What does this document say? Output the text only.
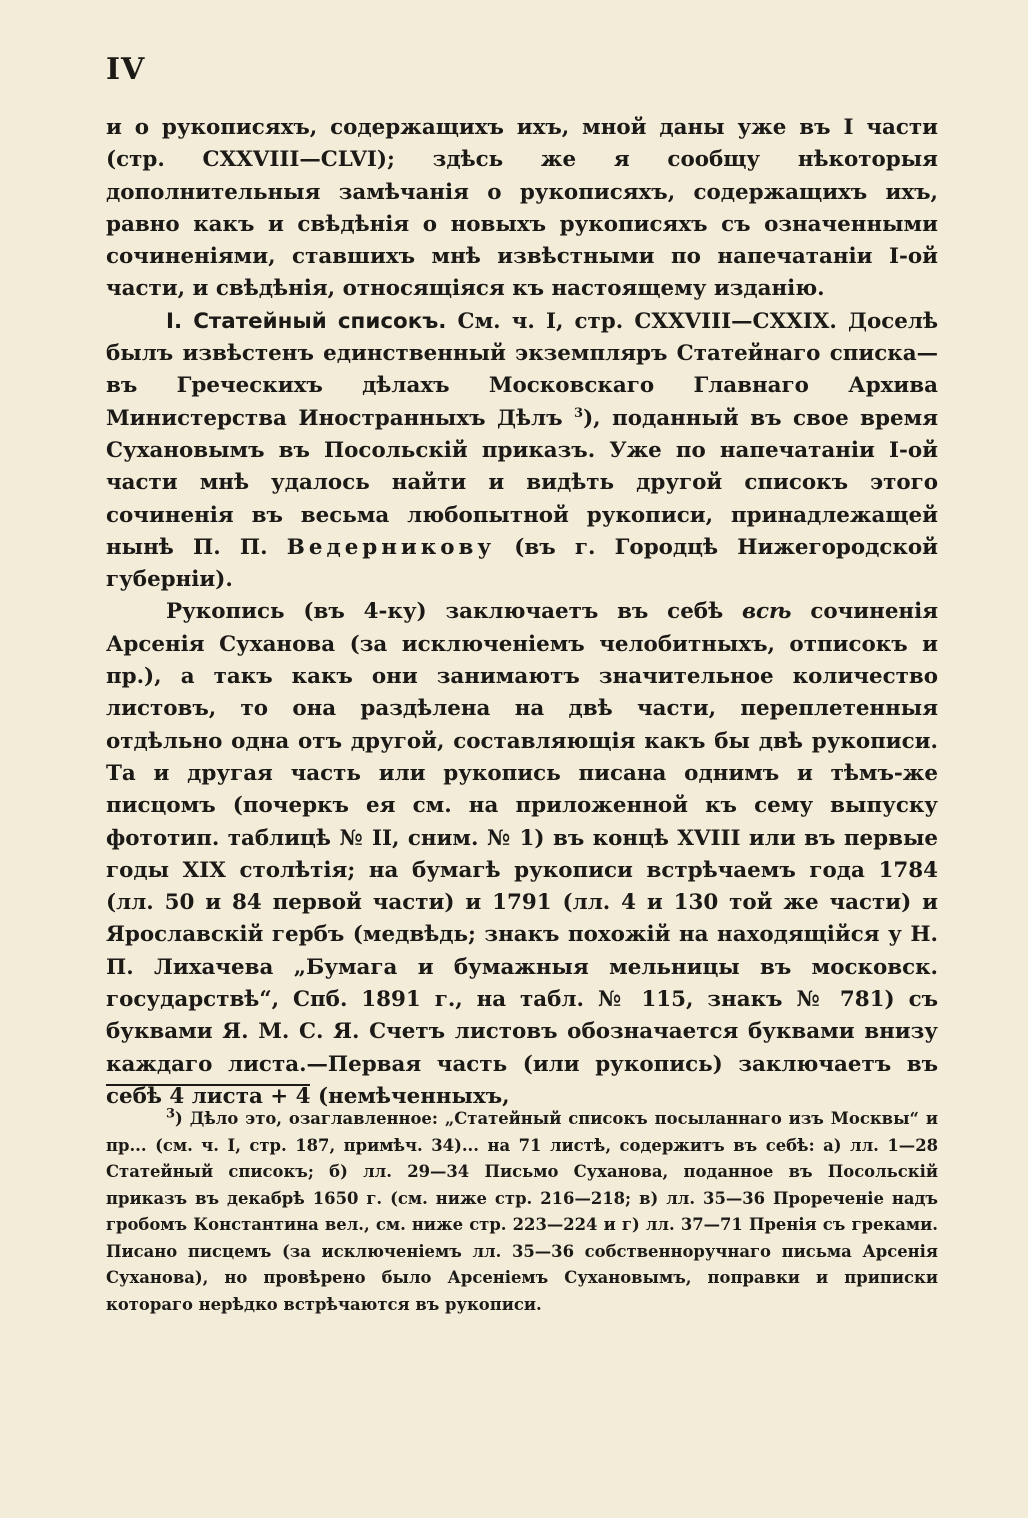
IV

и о рукописяхъ, содержащихъ ихъ, мной даны уже въ I части (стр. CXXVIII—CLVI); здѣсь же я сообщу нѣкоторыя дополнительныя замѣчанія о рукописяхъ, содержащихъ ихъ, равно какъ и свѣдѣнія о новыхъ рукописяхъ съ означенными сочиненіями, ставшихъ мнѣ извѣстными по напечатаніи I-ой части, и свѣдѣнія, относящіяся къ настоящему изданію.

I. Статейный списокъ. См. ч. I, стр. CXXVIII—CXXIX. Доселѣ былъ извѣстенъ единственный экземпляръ Статейнаго списка—въ Греческихъ дѣлахъ Московскаго Главнаго Архива Министерства Иностранныхъ Дѣлъ $^3$), поданный въ свое время Сухановымъ въ Посольскій приказъ. Уже по напечатаніи I-ой части мнѣ удалось найти и видѣть другой списокъ этого сочиненія въ весьма любопытной рукописи, принадлежащей нынѣ П. П. Ведерникову (въ г. Городцѣ Нижегородской губерніи).

Рукопись (въ 4-ку) заключаетъ въ себѣ всѣ сочиненія Арсенія Суханова (за исключеніемъ челобитныхъ, отписокъ и пр.), а такъ какъ они занимаютъ значительное количество листовъ, то она раздѣлена на двѣ части, переплетенныя отдѣльно одна отъ другой, составляющія какъ бы двѣ рукописи. Та и другая часть или рукопись писана однимъ и тѣмъ-же писцомъ (почеркъ ея см. на приложенной къ сему выпуску фототип. таблицѣ № II, сним. № 1) въ концѣ XVIII или въ первые годы XIX столѣтія; на бумагѣ рукописи встрѣчаемъ года 1784 (лл. 50 и 84 первой части) и 1791 (лл. 4 и 130 той же части) и Ярославскій гербъ (медвѣдь; знакъ похожій на находящійся у Н. П. Лихачева „Бумага и бумажныя мельницы въ московск. государствѣ“, Спб. 1891 г., на табл. № 115, знакъ № 781) съ буквами Я. М. С. Я. Счетъ листовъ обозначается буквами внизу каждаго листа.—Первая часть (или рукопись) заключаетъ въ себѣ 4 листа + 4 (немѣченныхъ,

$^3$) Дѣло это, озаглавленное: „Статейный списокъ посыланнаго изъ Москвы“ и пр... (см. ч. I, стр. 187, примѣч. 34)... на 71 листѣ, содержитъ въ себѣ: а) лл. 1—28 Статейный списокъ; б) лл. 29—34 Письмо Суханова, поданное въ Посольскій приказъ въ декабрѣ 1650 г. (см. ниже стр. 216—218; в) лл. 35—36 Прореченіе надъ гробомъ Константина вел., см. ниже стр. 223—224 и г) лл. 37—71 Пренія съ греками. Писано писцемъ (за исключеніемъ лл. 35—36 собственноручнаго письма Арсенія Суханова), но провѣрено было Арсеніемъ Сухановымъ, поправки и приписки котораго нерѣдко встрѣчаются въ рукописи.
